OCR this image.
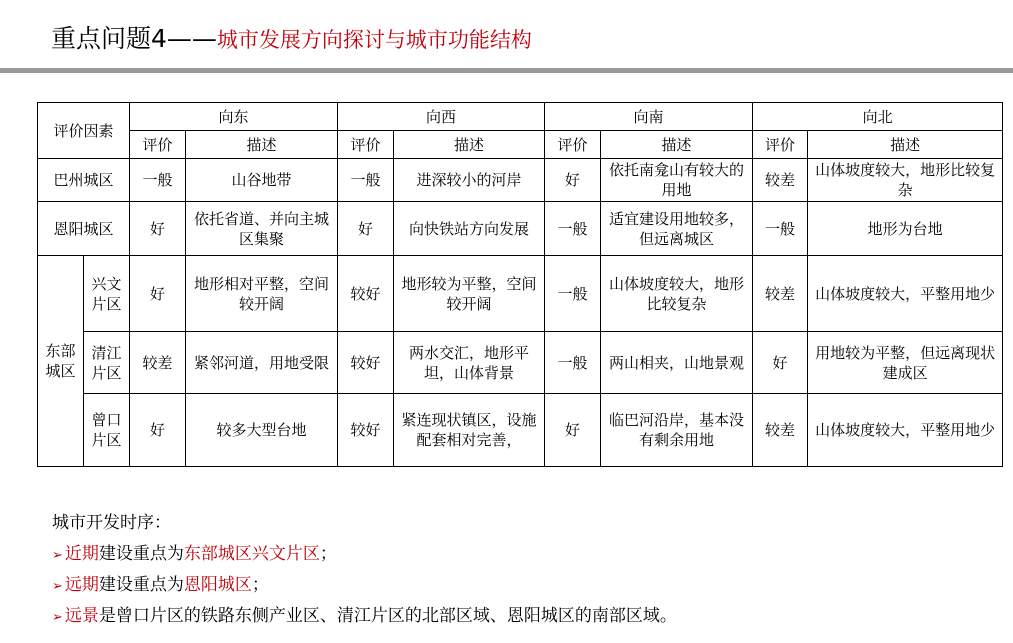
重点问题4——城市发展方向探讨与城市功能结构
评价因素		向东		向西		向南		向北	
		评价	描述	评价	描述	评价	描述	评价	描述
巴州城区		一般	山谷地带	一般	进深较小的河岸	好	依托南龛山有较大的用地	较差	山体坡度较大，地形比较复杂
恩阳城区		好	依托省道、并向主城区集聚	好	向快铁站方向发展	一般	适宜建设用地较多，但远离城区	一般	地形为台地
东部城区	兴文片区	好	地形相对平整，空间较开阔	较好	地形较为平整，空间较开阔	一般	山体坡度较大，地形比较复杂	较差	山体坡度较大，平整用地少
	清江片区	较差	紧邻河道，用地受限	较好	两水交汇，地形平坦，山体背景	一般	两山相夹，山地景观	好	用地较为平整，但远离现状建成区
	曾口片区	好	较多大型台地	较好	紧连现状镇区，设施配套相对完善，	好	临巴河沿岸，基本没有剩余用地	较差	山体坡度较大，平整用地少
城市开发时序：
➢ 近期建设重点为东部城区兴文片区；
➢ 远期建设重点为恩阳城区；
➢ 远景是曾口片区的铁路东侧产业区、清江片区的北部区域、恩阳城区的南部区域。
